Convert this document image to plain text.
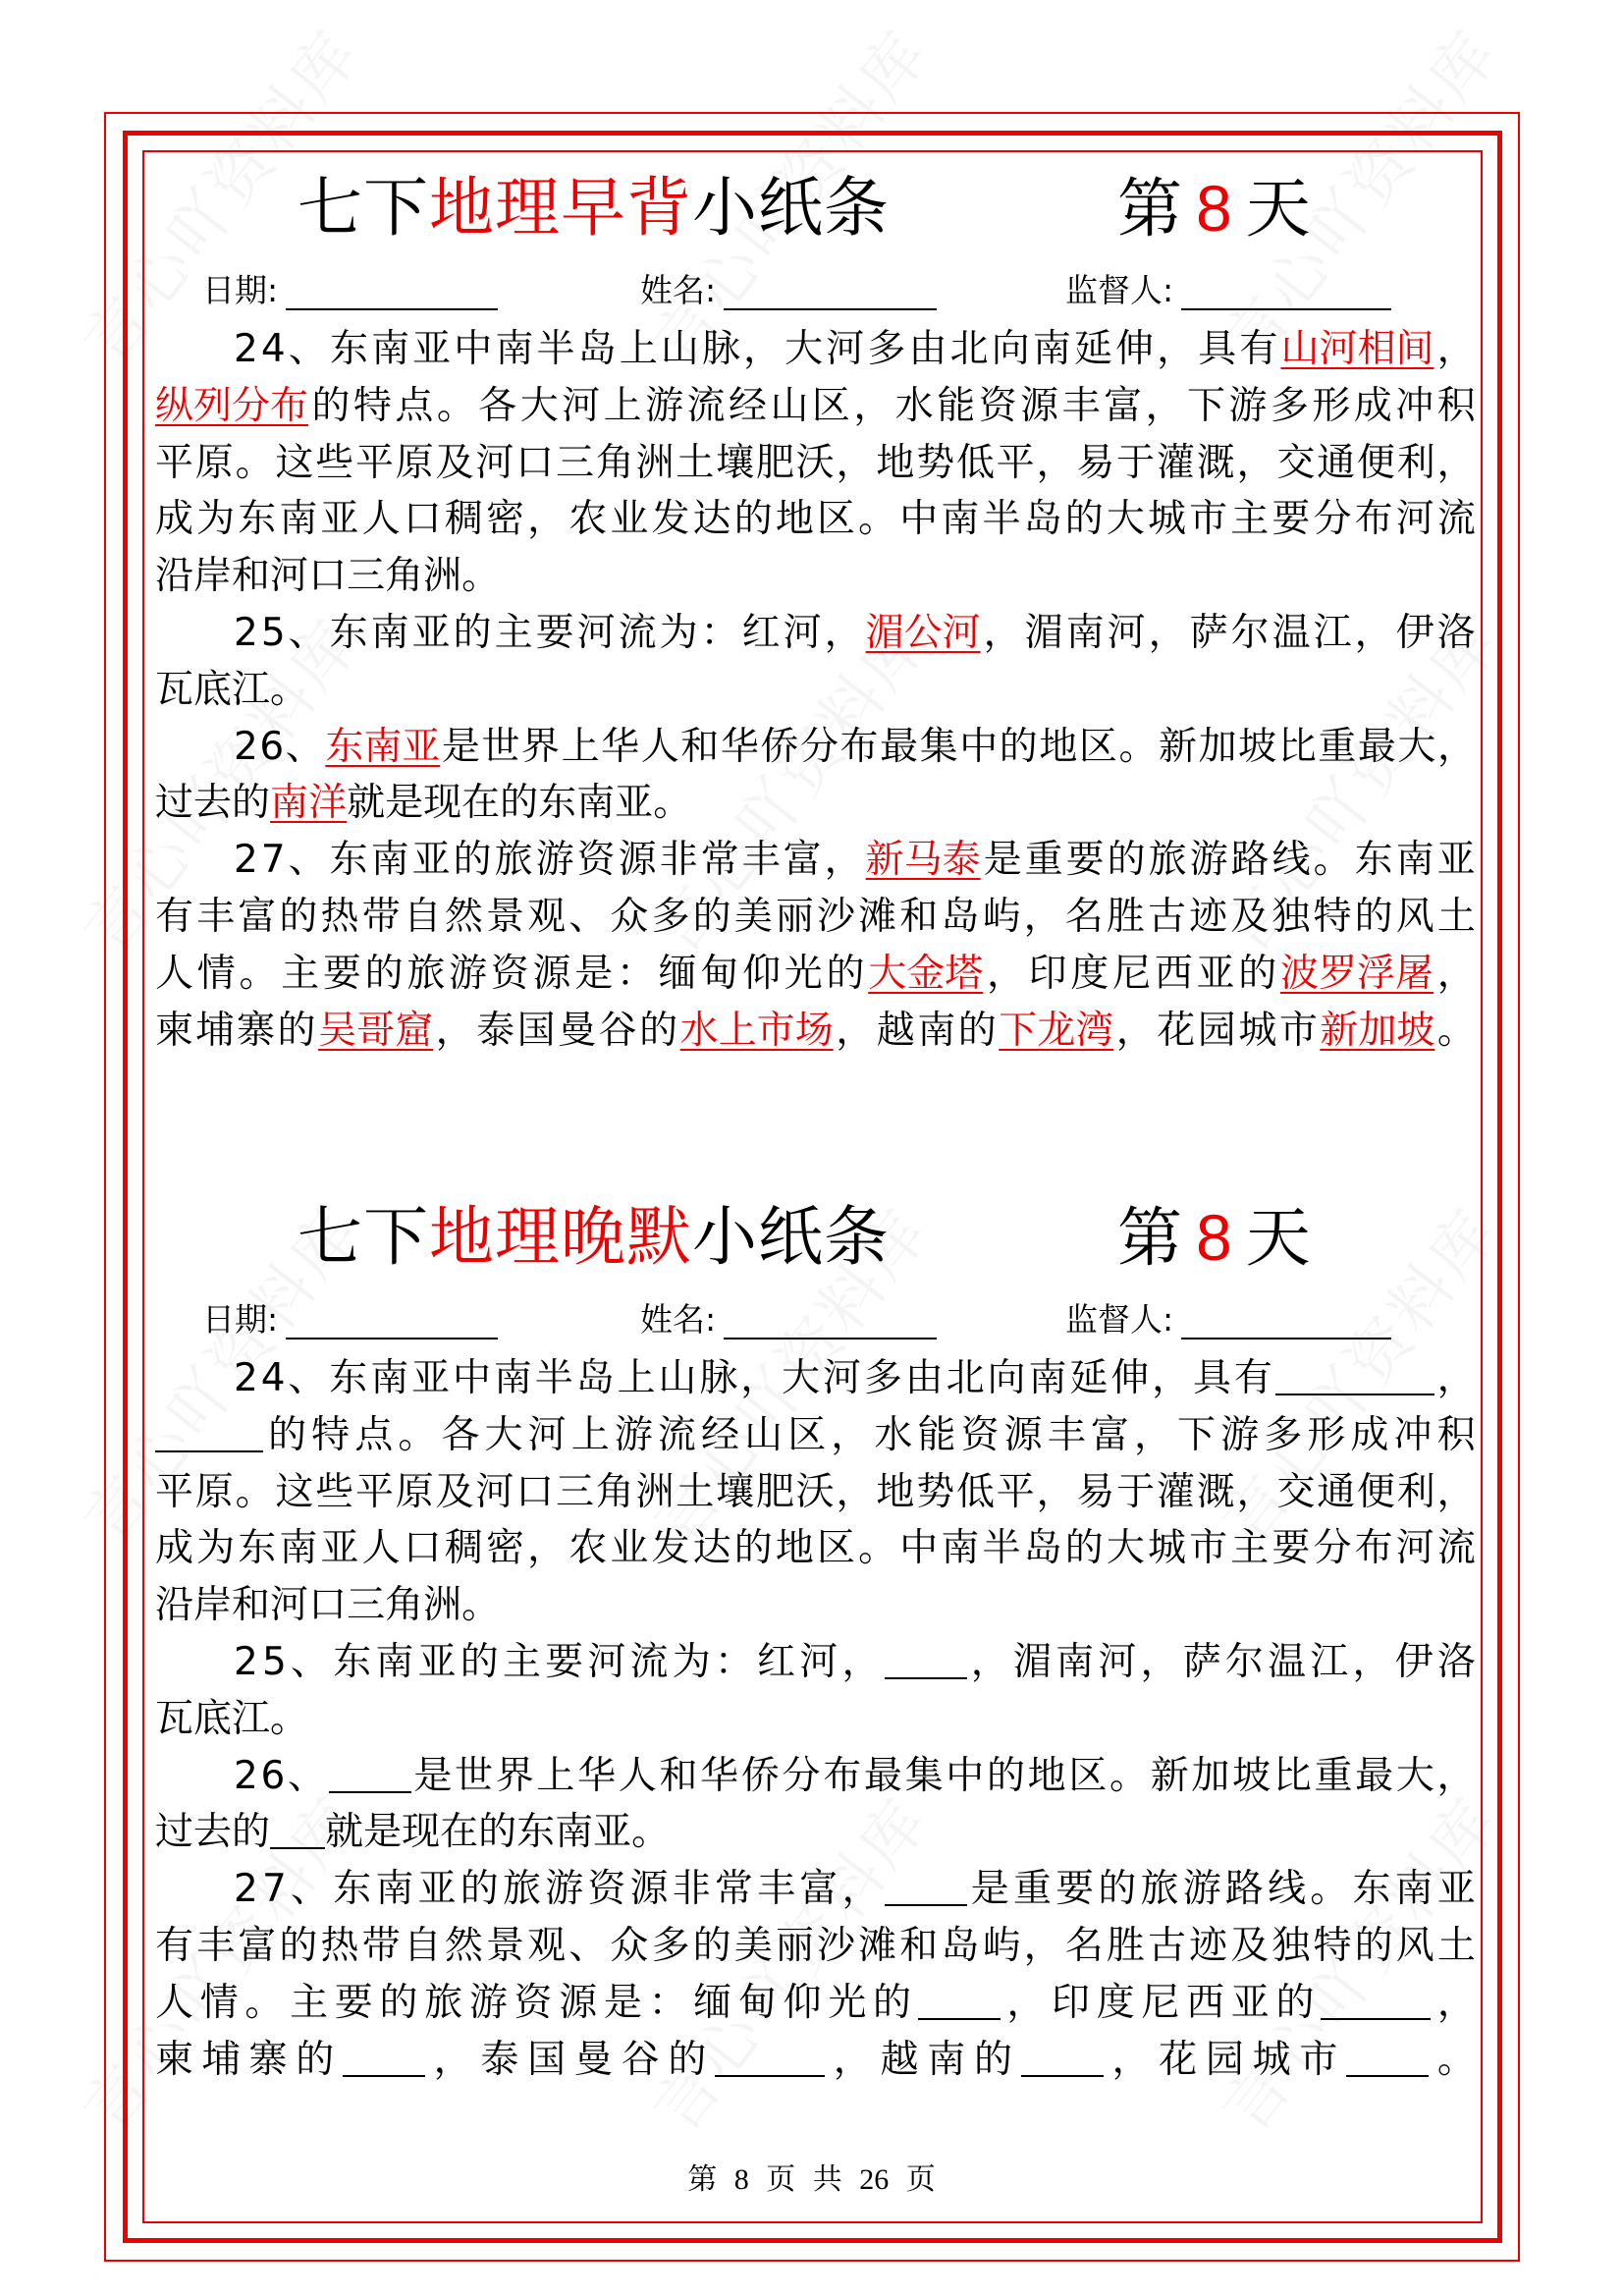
七下地理早背小纸条	第 8 天
日期:	姓名:	监督人:
2 4 、 东 南 亚 中 南 半 岛 上 山 脉 ， 大 河 多 由 北 向 南 延 伸 ， 具 有 山河相间 ，
纵列分布 的 特 点 。 各 大 河 上 游 流 经 山 区 ， 水 能 资 源 丰 富 ， 下 游 多 形 成 冲 积
平 原 。 这 些 平 原 及 河 口 三 角 洲 土 壤 肥 沃 ， 地 势 低 平 ， 易 于 灌 溉 ， 交 通 便 利 ，
成 为 东 南 亚 人 口 稠 密 ， 农 业 发 达 的 地 区 。 中 南 半 岛 的 大 城 市 主 要 分 布 河 流
沿 岸 和 河 口 三 角 洲 。
2 5 、 东 南 亚 的 主 要 河 流 为 ： 红 河 ， 湄公河 ， 湄 南 河 ， 萨 尔 温 江 ， 伊 洛
瓦 底 江 。
2 6 、 东南亚 是 世 界 上 华 人 和 华 侨 分 布 最 集 中 的 地 区 。 新 加 坡 比 重 最 大 ，
过 去 的 南洋 就 是 现 在 的 东 南 亚 。
2 7 、 东 南 亚 的 旅 游 资 源 非 常 丰 富 ， 新马泰 是 重 要 的 旅 游 路 线 。 东 南 亚
有 丰 富 的 热 带 自 然 景 观 、 众 多 的 美 丽 沙 滩 和 岛 屿 ， 名 胜 古 迹 及 独 特 的 风 土
人 情 。 主 要 的 旅 游 资 源 是 ： 缅 甸 仰 光 的 大金塔 ， 印 度 尼 西 亚 的 波罗浮屠 ，
柬 埔 寨 的 吴哥窟 ， 泰 国 曼 谷 的 水上市场 ， 越 南 的 下龙湾 ， 花 园 城 市 新加坡 。
七下地理晚默小纸条	第 8 天
日期:	姓名:	监督人:
2 4 、 东 南 亚 中 南 半 岛 上 山 脉 ， 大 河 多 由 北 向 南 延 伸 ， 具 有	，
的 特 点 。 各 大 河 上 游 流 经 山 区 ， 水 能 资 源 丰 富 ， 下 游 多 形 成 冲 积
平 原 。 这 些 平 原 及 河 口 三 角 洲 土 壤 肥 沃 ， 地 势 低 平 ， 易 于 灌 溉 ， 交 通 便 利 ，
成 为 东 南 亚 人 口 稠 密 ， 农 业 发 达 的 地 区 。 中 南 半 岛 的 大 城 市 主 要 分 布 河 流
沿 岸 和 河 口 三 角 洲 。
2 5 、 东 南 亚 的 主 要 河 流 为 ： 红 河 ， ， 湄 南 河 ， 萨 尔 温 江 ， 伊 洛
瓦 底 江 。
2 6 、 是 世 界 上 华 人 和 华 侨 分 布 最 集 中 的 地 区 。 新 加 坡 比 重 最 大 ，
过 去 的 就 是 现 在 的 东 南 亚 。
2 7 、 东 南 亚 的 旅 游 资 源 非 常 丰 富 ， 是 重 要 的 旅 游 路 线 。 东 南 亚
有 丰 富 的 热 带 自 然 景 观 、 众 多 的 美 丽 沙 滩 和 岛 屿 ， 名 胜 古 迹 及 独 特 的 风 土
人 情 。 主 要 的 旅 游 资 源 是 ： 缅 甸 仰 光 的 ， 印 度 尼 西 亚 的	，
柬 埔 寨 的	， 泰 国 曼 谷 的	， 越 南 的	， 花 园 城 市	。
第 8 页 共 26 页
